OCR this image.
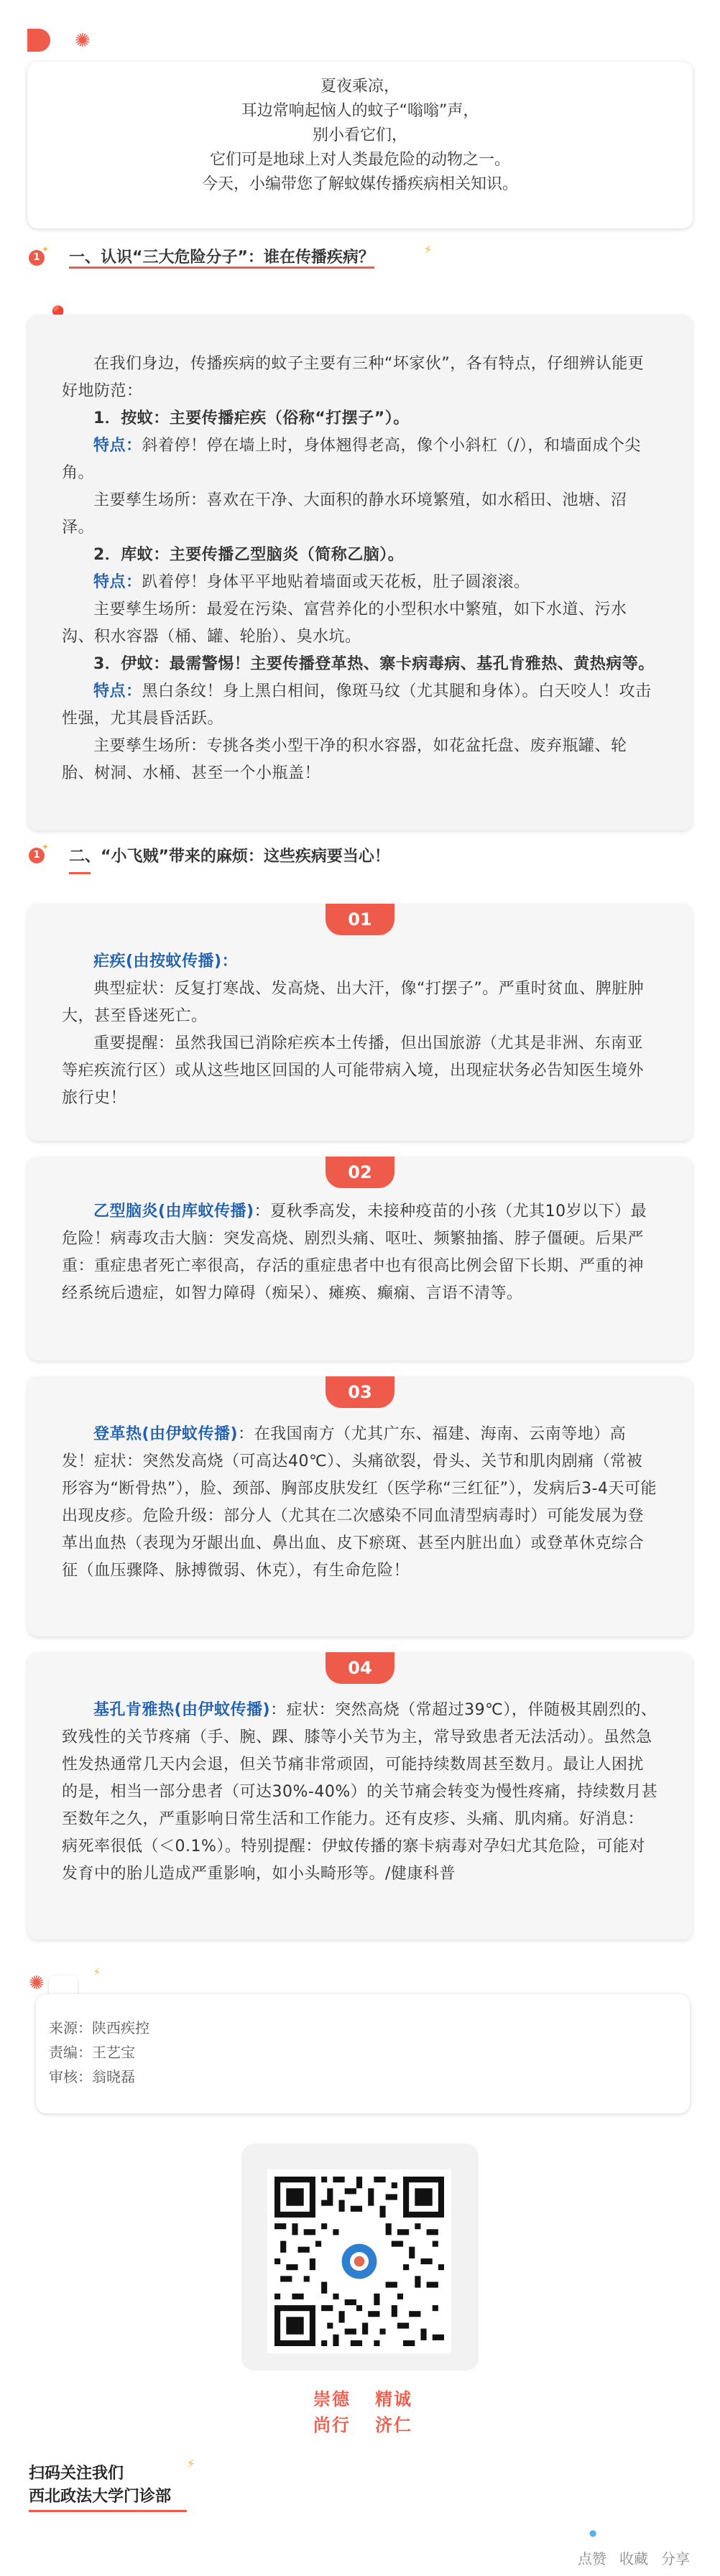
✺
夏夜乘凉，
耳边常响起恼人的蚊子“嗡嗡”声，
别小看它们，
它们可是地球上对人类最危险的动物之一。
今天，小编带您了解蚊媒传播疾病相关知识。
1
✦ 一、认识“三大危险分子”：谁在传播疾病？	⚡

在我们身边，传播疾病的蚊子主要有三种“坏家伙”，各有特点，仔细辨认能更好地防范：

1．按蚊：主要传播疟疾（俗称“打摆子”）。

特点：斜着停！停在墙上时，身体翘得老高，像个小斜杠（/），和墙面成个尖角。

主要孳生场所：喜欢在干净、大面积的静水环境繁殖，如水稻田、池塘、沼泽。

2．库蚊：主要传播乙型脑炎（简称乙脑）。

特点：趴着停！身体平平地贴着墙面或天花板，肚子圆滚滚。

主要孳生场所：最爱在污染、富营养化的小型积水中繁殖，如下水道、污水沟、积水容器（桶、罐、轮胎）、臭水坑。

3．伊蚊：最需警惕！主要传播登革热、寨卡病毒病、基孔肯雅热、黄热病等。

特点：黑白条纹！身上黑白相间，像斑马纹（尤其腿和身体）。白天咬人！攻击性强，尤其晨昏活跃。

主要孳生场所：专挑各类小型干净的积水容器，如花盆托盘、废弃瓶罐、轮胎、树洞、水桶、甚至一个小瓶盖！

1
✦
二、“小飞贼”带来的麻烦：这些疾病要当心！
01

疟疾(由按蚊传播)：

典型症状：反复打寒战、发高烧、出大汗，像“打摆子”。严重时贫血、脾脏肿大，甚至昏迷死亡。

重要提醒：虽然我国已消除疟疾本土传播，但出国旅游（尤其是非洲、东南亚等疟疾流行区）或从这些地区回国的人可能带病入境，出现症状务必告知医生境外旅行史！

02

乙型脑炎(由库蚊传播)：夏秋季高发，未接种疫苗的小孩（尤其10岁以下）最危险！病毒攻击大脑：突发高烧、剧烈头痛、呕吐、频繁抽搐、脖子僵硬。后果严重：重症患者死亡率很高，存活的重症患者中也有很高比例会留下长期、严重的神经系统后遗症，如智力障碍（痴呆）、瘫痪、癫痫、言语不清等。

03

登革热(由伊蚊传播)：在我国南方（尤其广东、福建、海南、云南等地）高发！症状：突然发高烧（可高达40℃）、头痛欲裂，骨头、关节和肌肉剧痛（常被形容为“断骨热”），脸、颈部、胸部皮肤发红（医学称“三红征”），发病后3-4天可能出现皮疹。危险升级：部分人（尤其在二次感染不同血清型病毒时）可能发展为登革出血热（表现为牙龈出血、鼻出血、皮下瘀斑、甚至内脏出血）或登革休克综合征（血压骤降、脉搏微弱、休克），有生命危险！

04

基孔肯雅热(由伊蚊传播)：症状：突然高烧（常超过39℃），伴随极其剧烈的、致残性的关节疼痛（手、腕、踝、膝等小关节为主，常导致患者无法活动）。虽然急性发热通常几天内会退，但关节痛非常顽固，可能持续数周甚至数月。最让人困扰的是，相当一部分患者（可达30%-40%）的关节痛会转变为慢性疼痛，持续数月甚至数年之久，严重影响日常生活和工作能力。还有皮疹、头痛、肌肉痛。好消息：病死率很低（＜0.1%）。特别提醒：伊蚊传播的寨卡病毒对孕妇尤其危险，可能对发育中的胎儿造成严重影响，如小头畸形等。/健康科普

✺	⚡
来源：陕西疾控
责编：王艺宝
审核：翁晓磊
崇德 精诚
尚行 济仁
扫码关注我们
西北政法大学门诊部
⚡
●
点赞 收藏 分享
